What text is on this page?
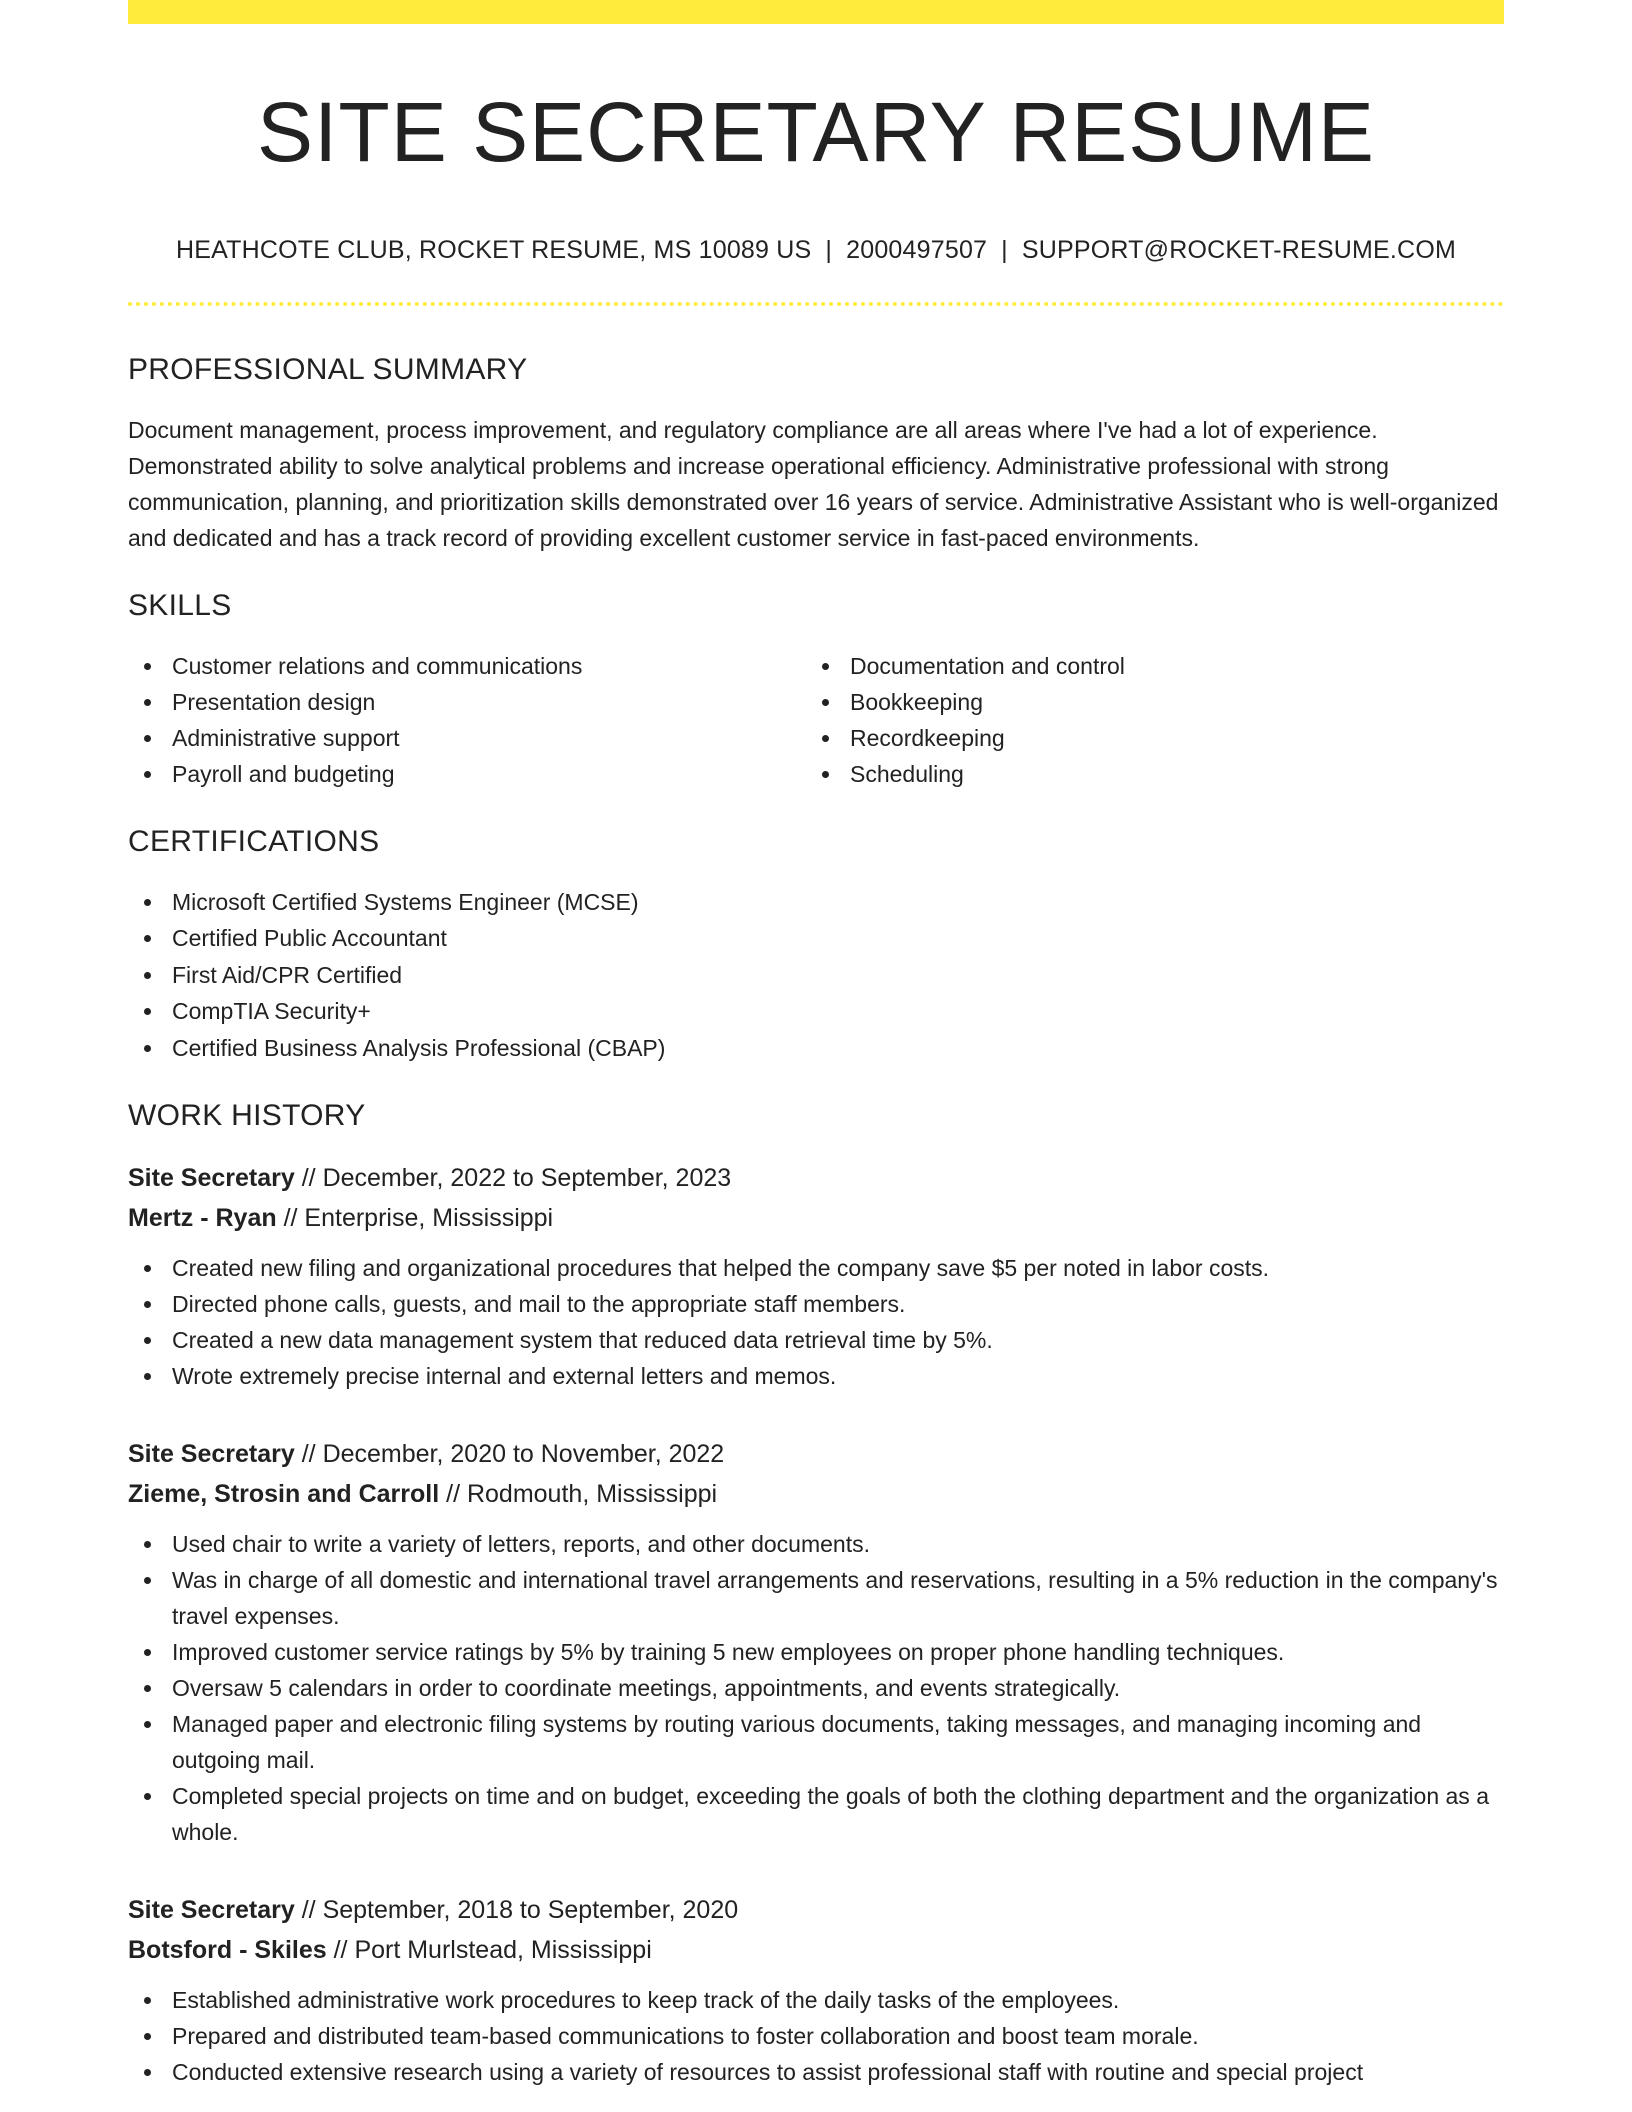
SITE SECRETARY RESUME
HEATHCOTE CLUB, ROCKET RESUME, MS 10089 US | 2000497507 | SUPPORT@ROCKET-RESUME.COM
PROFESSIONAL SUMMARY

Document management, process improvement, and regulatory compliance are all areas where I've had a lot of experience. Demonstrated ability to solve analytical problems and increase operational efficiency. Administrative professional with strong communication, planning, and prioritization skills demonstrated over 16 years of service. Administrative Assistant who is well-organized and dedicated and has a track record of providing excellent customer service in fast-paced environments.

SKILLS
Customer relations and communications
Presentation design
Administrative support
Payroll and budgeting
Documentation and control
Bookkeeping
Recordkeeping
Scheduling
CERTIFICATIONS
Microsoft Certified Systems Engineer (MCSE)
Certified Public Accountant
First Aid/CPR Certified
CompTIA Security+
Certified Business Analysis Professional (CBAP)
WORK HISTORY
Site Secretary // December, 2022 to September, 2023
Mertz - Ryan // Enterprise, Mississippi
Created new filing and organizational procedures that helped the company save $5 per noted in labor costs.
Directed phone calls, guests, and mail to the appropriate staff members.
Created a new data management system that reduced data retrieval time by 5%.
Wrote extremely precise internal and external letters and memos.
Site Secretary // December, 2020 to November, 2022
Zieme, Strosin and Carroll // Rodmouth, Mississippi
Used chair to write a variety of letters, reports, and other documents.
Was in charge of all domestic and international travel arrangements and reservations, resulting in a 5% reduction in the company's travel expenses.
Improved customer service ratings by 5% by training 5 new employees on proper phone handling techniques.
Oversaw 5 calendars in order to coordinate meetings, appointments, and events strategically.
Managed paper and electronic filing systems by routing various documents, taking messages, and managing incoming and outgoing mail.
Completed special projects on time and on budget, exceeding the goals of both the clothing department and the organization as a whole.
Site Secretary // September, 2018 to September, 2020
Botsford - Skiles // Port Murlstead, Mississippi
Established administrative work procedures to keep track of the daily tasks of the employees.
Prepared and distributed team-based communications to foster collaboration and boost team morale.
Conducted extensive research using a variety of resources to assist professional staff with routine and special project
